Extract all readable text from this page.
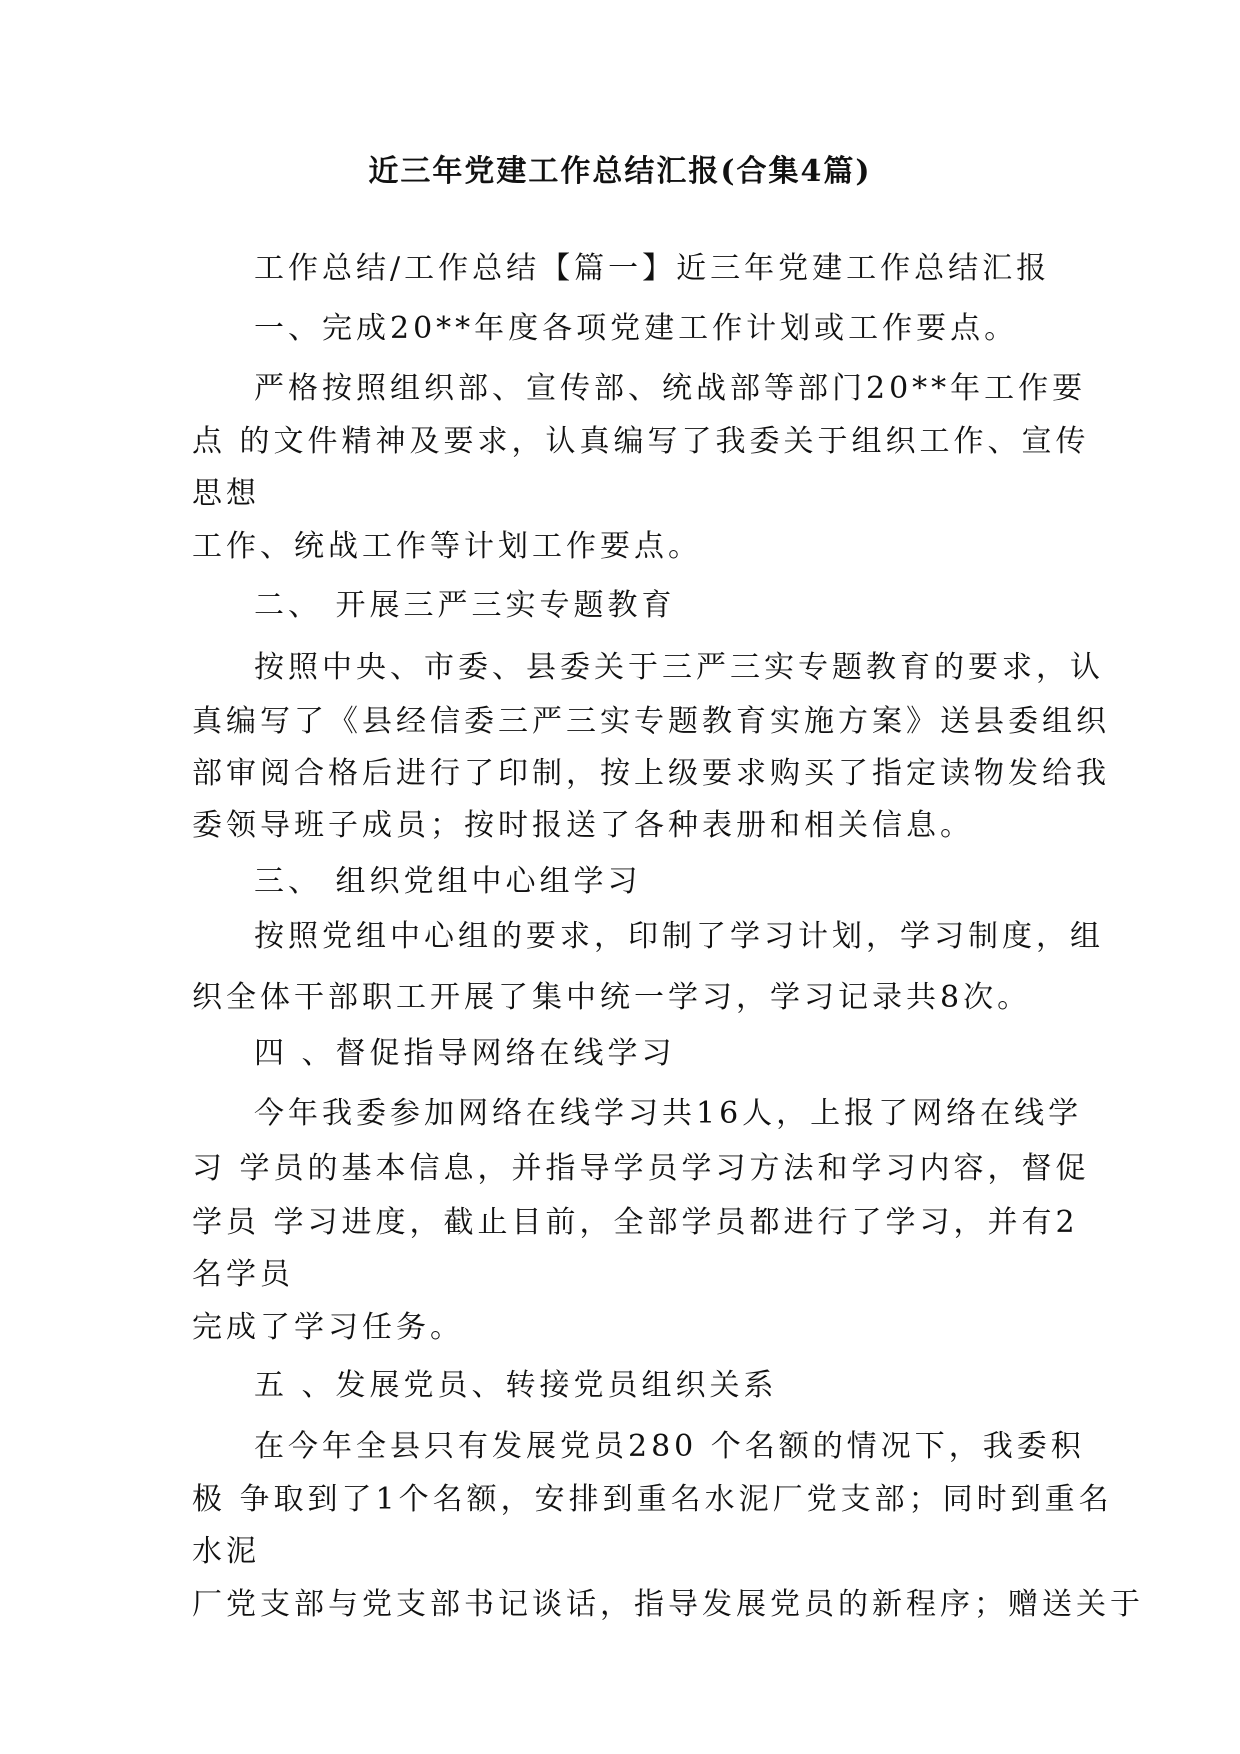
近三年党建工作总结汇报(合集4篇)
工作总结/工作总结【篇一】近三年党建工作总结汇报
一、完成20**年度各项党建工作计划或工作要点。
严格按照组织部、宣传部、统战部等部门20**年工作要
点 的文件精神及要求，认真编写了我委关于组织工作、宣传
思想
工作、统战工作等计划工作要点。
二、 开展三严三实专题教育
按照中央、市委、县委关于三严三实专题教育的要求，认
真编写了《县经信委三严三实专题教育实施方案》送县委组织
部审阅合格后进行了印制，按上级要求购买了指定读物发给我
委领导班子成员；按时报送了各种表册和相关信息。
三、 组织党组中心组学习
按照党组中心组的要求，印制了学习计划，学习制度，组
织全体干部职工开展了集中统一学习，学习记录共8次。
四 、督促指导网络在线学习
今年我委参加网络在线学习共16人，上报了网络在线学
习 学员的基本信息，并指导学员学习方法和学习内容，督促
学员 学习进度，截止目前，全部学员都进行了学习，并有2
名学员
完成了学习任务。
五 、发展党员、转接党员组织关系
在今年全县只有发展党员280 个名额的情况下，我委积
极 争取到了1个名额，安排到重名水泥厂党支部；同时到重名
水泥
厂党支部与党支部书记谈话，指导发展党员的新程序；赠送关于
